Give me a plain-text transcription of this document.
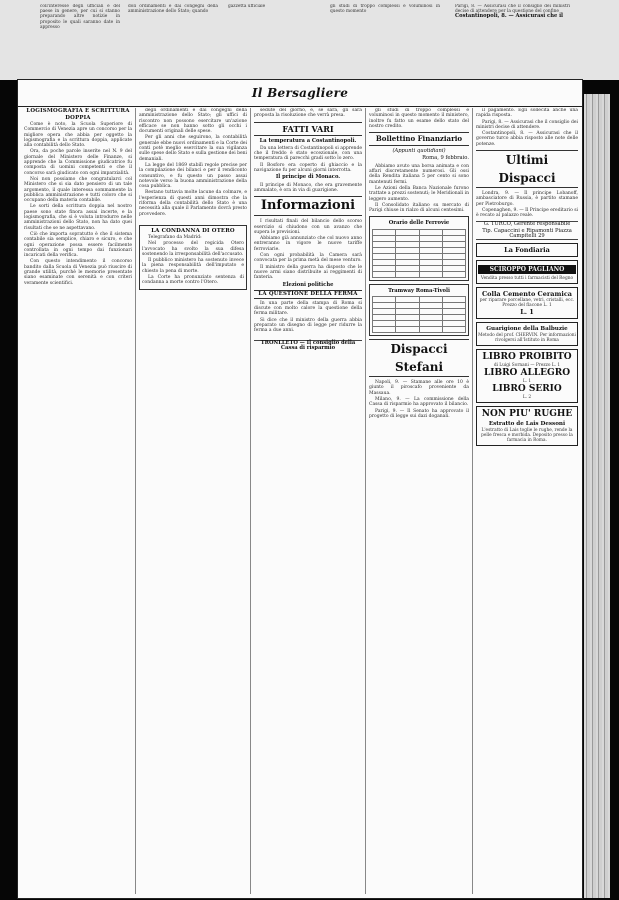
coll'interesse degli ufficiali e del paese in genere, per cui si stanno preparando altre notizie in proposito le quali saranno date in appresso
doli ordinamenti e dai congegni della amministrazione dello Stato; quando
gazzetta ufficiale	gli studi di troppo complessi e voluminosi in questo momento
Parigi, 8. — Assicurasi che il consiglio dei ministri decise di attendere per la questione del confine
Costantinopoli, 8. — Assicurasi che il
Il Bersagliere
LOGISMOGRAFIA E SCRITTURA DOPPIA

Come è noto, la Scuola Superiore di Commercio di Venezia apre un concorso per la migliore opera che abbia per oggetto la logismografia e la scrittura doppia, applicate alla contabilità dello Stato.

Ora, da poche parole inserite nel N. 9 del giornale del Ministero delle Finanze, si apprende che la Commissione giudicatrice fu composta di uomini competenti e che il concorso sarà giudicato con ogni imparzialità.

Noi non possiamo che congratularci col Ministero che si sia dato pensiero di un tale argomento, il quale interessa sommamente la pubblica amministrazione e tutti coloro che si occupano della materia contabile.

Le sorti della scrittura doppia nel nostro paese sono state finora assai incerte, e la logismografia, che si è voluta introdurre nelle amministrazioni dello Stato, non ha dato quei risultati che se ne aspettavano.

Ciò che importa sopratutto è che il sistema contabile sia semplice, chiaro e sicuro, e che ogni operazione possa essere facilmente controllata in ogni tempo dai funzionari incaricati della verifica.

Con questo intendimento il concorso bandito dalla Scuola di Venezia può riuscire di grande utilità, purchè le memorie presentate siano esaminate con serenità e con criteri veramente scientifici.

degli ordinamenti e dai congegni della amministrazione dello Stato; gli uffici di riscontro non possono esercitare un'azione efficace se non hanno sotto gli occhi i documenti originali delle spese.

Per gli anni che seguirono, la contabilità generale ebbe nuovi ordinamenti e la Corte dei conti potè meglio esercitare la sua vigilanza sulle spese dello Stato e sulla gestione dei beni demaniali.

La legge del 1869 stabilì regole precise per la compilazione dei bilanci e per il rendiconto consuntivo, e fu questo un passo assai notevole verso la buona amministrazione della cosa pubblica.

Restano tuttavia molte lacune da colmare, e l'esperienza di questi anni dimostra che la riforma della contabilità dello Stato è una necessità alla quale il Parlamento dovrà presto provvedere.

LA CONDANNA DI OTERO

Telegrafano da Madrid:

Nel processo del regicida Otero l'avvocato ha svolto la sua difesa sostenendo la irresponsabilità dell'accusato.

Il pubblico ministero ha sostenuto invece la piena responsabilità dell'imputato e chiesto la pena di morte.

La Corte ha pronunziato sentenza di condanna a morte contro l'Otero.

sedute del giorno, e, se sarà, gli sarà proposta la risoluzione che verrà presa.

FATTI VARI
La temperatura a Costantinopoli.

Da una lettera di Costantinopoli si apprende che il freddo è stato eccezionale, con una temperatura di parecchi gradi sotto lo zero.

Il Bosforo era coperto di ghiaccio e la navigazione fu per alcuni giorni interrotta.

Il principe di Monaco.

Il principe di Monaco, che era gravemente ammalato, è ora in via di guarigione.

Informazioni

I risultati finali del bilancio dello scorso esercizio si chiudono con un avanzo che supera le previsioni.

Abbiamo già annunziato che col nuovo anno entreranno in vigore le nuove tariffe ferroviarie.

Con ogni probabilità la Camera sarà convocata per la prima metà del mese venturo.

Il ministro della guerra ha disposto che le nuove armi siano distribuite ai reggimenti di fanteria.

Elezioni politiche
LA QUESTIONE DELLA FERMA

In una parte della stampa di Roma si discute con molto calore la questione della ferma militare.

Si dice che il ministro della guerra abbia preparato un disegno di legge per ridurre la ferma a due anni.

TRONLLETO — Il consiglio della Cassa di risparmio

gli studi di troppo complessi e voluminosi in questo momento il ministero, inoltre fu fatto un esame dello stato del nostro credito.

Bollettino Finanziario
(Appunti quotidiani)
Roma, 9 febbraio.

Abbiamo avuto una borsa animata e con affari discretamente numerosi. Gli ossi della Rendita italiana 5 per cento si sono mantenuti fermi.

Le Azioni della Banca Nazionale furono trattate a prezzi sostenuti; le Meridionali in leggero aumento.

Il Consolidato italiano su mercato di Parigi chiuse in rialzo di alcuni centesimi.

Orario delle Ferrovie

Tramway Roma-Tivoli

Dispacci Stefani

Napoli, 9. — Stamane alle ore 10 è giunto il piroscafo proveniente da Massaua.

Milano, 9. — La commissione della Cassa di risparmio ha approvato il bilancio.

Parigi, 9. — Il Senato ha approvato il progetto di legge sui dazi doganali.

il pagamento. Egli sollecita anche una rapida risposta.

Parigi, 8. — Assicurasi che il consiglio dei ministri decise di attendere.

Costantinopoli, 8. — Assicurasi che il governo turco abbia risposto alle note delle potenze.

Ultimi Dispacci

Londra, 9. — Il principe Lobanoff, ambasciatore di Russia, è partito stamane per Pietroburgo.

Copenaghen, 9. — Il Principe ereditario si è recato al palazzo reale.

G. TURCO, Gerente responsabile
Tip. Capaccini e Ripamonti Piazza Campitelli 29
La Fondiaria
SCIROPPO PAGLIANO
Vendita presso tutti i farmacisti del Regno
Colla Cemento Ceramica
per riparare porcellane, vetri, cristalli, ecc. Prezzo del flacone L. 1
L. 1
Guarigione della Balbuzie
Metodo del prof. CHERVIN. Per informazioni rivolgersi all'Istituto in Roma
LIBRO PROIBITO
di Luigi Sornani — Prezzo L. 1
LIBRO ALLEGRO
L. 1
LIBRO SERIO
L. 2
NON PIU' RUGHE
Estratto de Lais Dessoni
L'estratto di Lais toglie le rughe, rende la pelle fresca e morbida. Deposito presso la farmacia in Roma.
